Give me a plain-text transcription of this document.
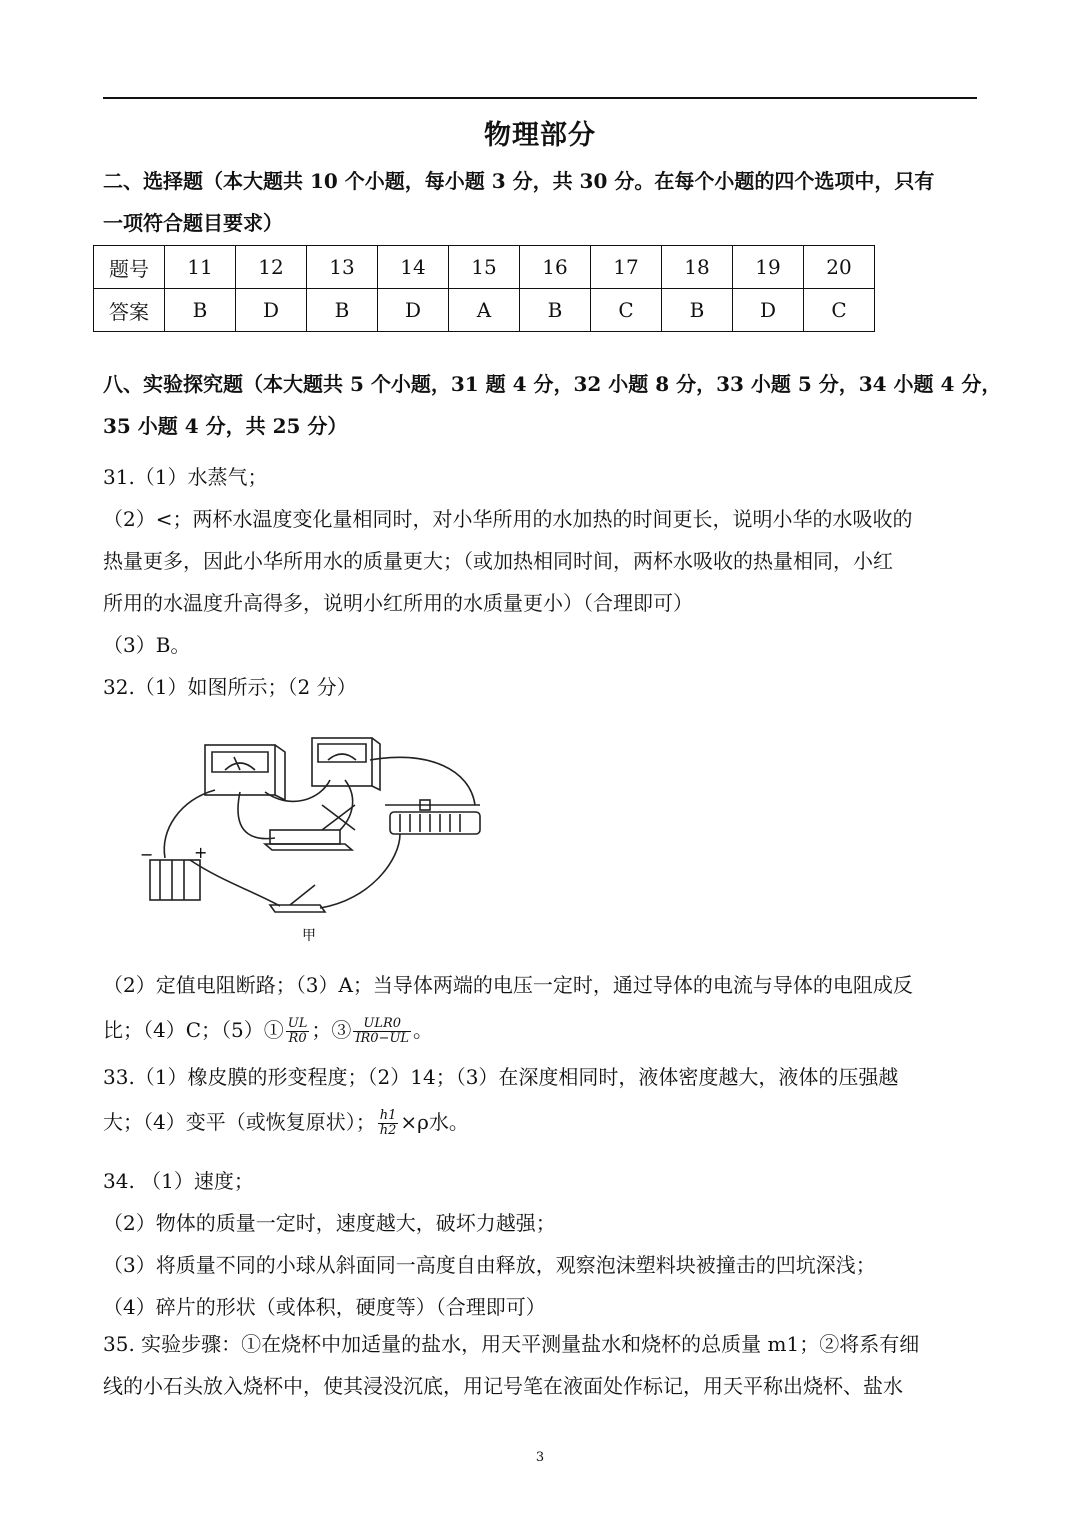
物理部分
二、选择题（本大题共 10 个小题，每小题 3 分，共 30 分。在每个小题的四个选项中，只有
一项符合题目要求）
题号	11	12	13	14	15	16	17	18	19	20
答案	B	D	B	D	A	B	C	B	D	C
八、实验探究题（本大题共 5 个小题，31 题 4 分，32 小题 8 分，33 小题 5 分，34 小题 4 分，
35 小题 4 分，共 25 分）
31.（1）水蒸气；
（2）<；两杯水温度变化量相同时，对小华所用的水加热的时间更长，说明小华的水吸收的
热量更多，因此小华所用水的质量更大；（或加热相同时间，两杯水吸收的热量相同，小红
所用的水温度升高得多，说明小红所用的水质量更小）（合理即可）
（3）B。
32.（1）如图所示；（2 分）
−	+
甲
（2）定值电阻断路；（3）A；当导体两端的电压一定时，通过导体的电流与导体的电阻成反
比；（4）C；（5）① $\frac{UL}{R0}$ ；③ $\frac{\text{ULR0}}{IR0-UL}$ 。
33.（1）橡皮膜的形变程度；（2）14；（3）在深度相同时，液体密度越大，液体的压强越
大；（4）变平（或恢复原状）； $\frac{h1}{h2} \times\rho$水。
34. （1）速度；
（2）物体的质量一定时，速度越大，破坏力越强；
（3）将质量不同的小球从斜面同一高度自由释放，观察泡沫塑料块被撞击的凹坑深浅；
（4）碎片的形状（或体积，硬度等）（合理即可）
35. 实验步骤：①在烧杯中加适量的盐水，用天平测量盐水和烧杯的总质量 m1；②将系有细
线的小石头放入烧杯中，使其浸没沉底，用记号笔在液面处作标记，用天平称出烧杯、盐水
3
